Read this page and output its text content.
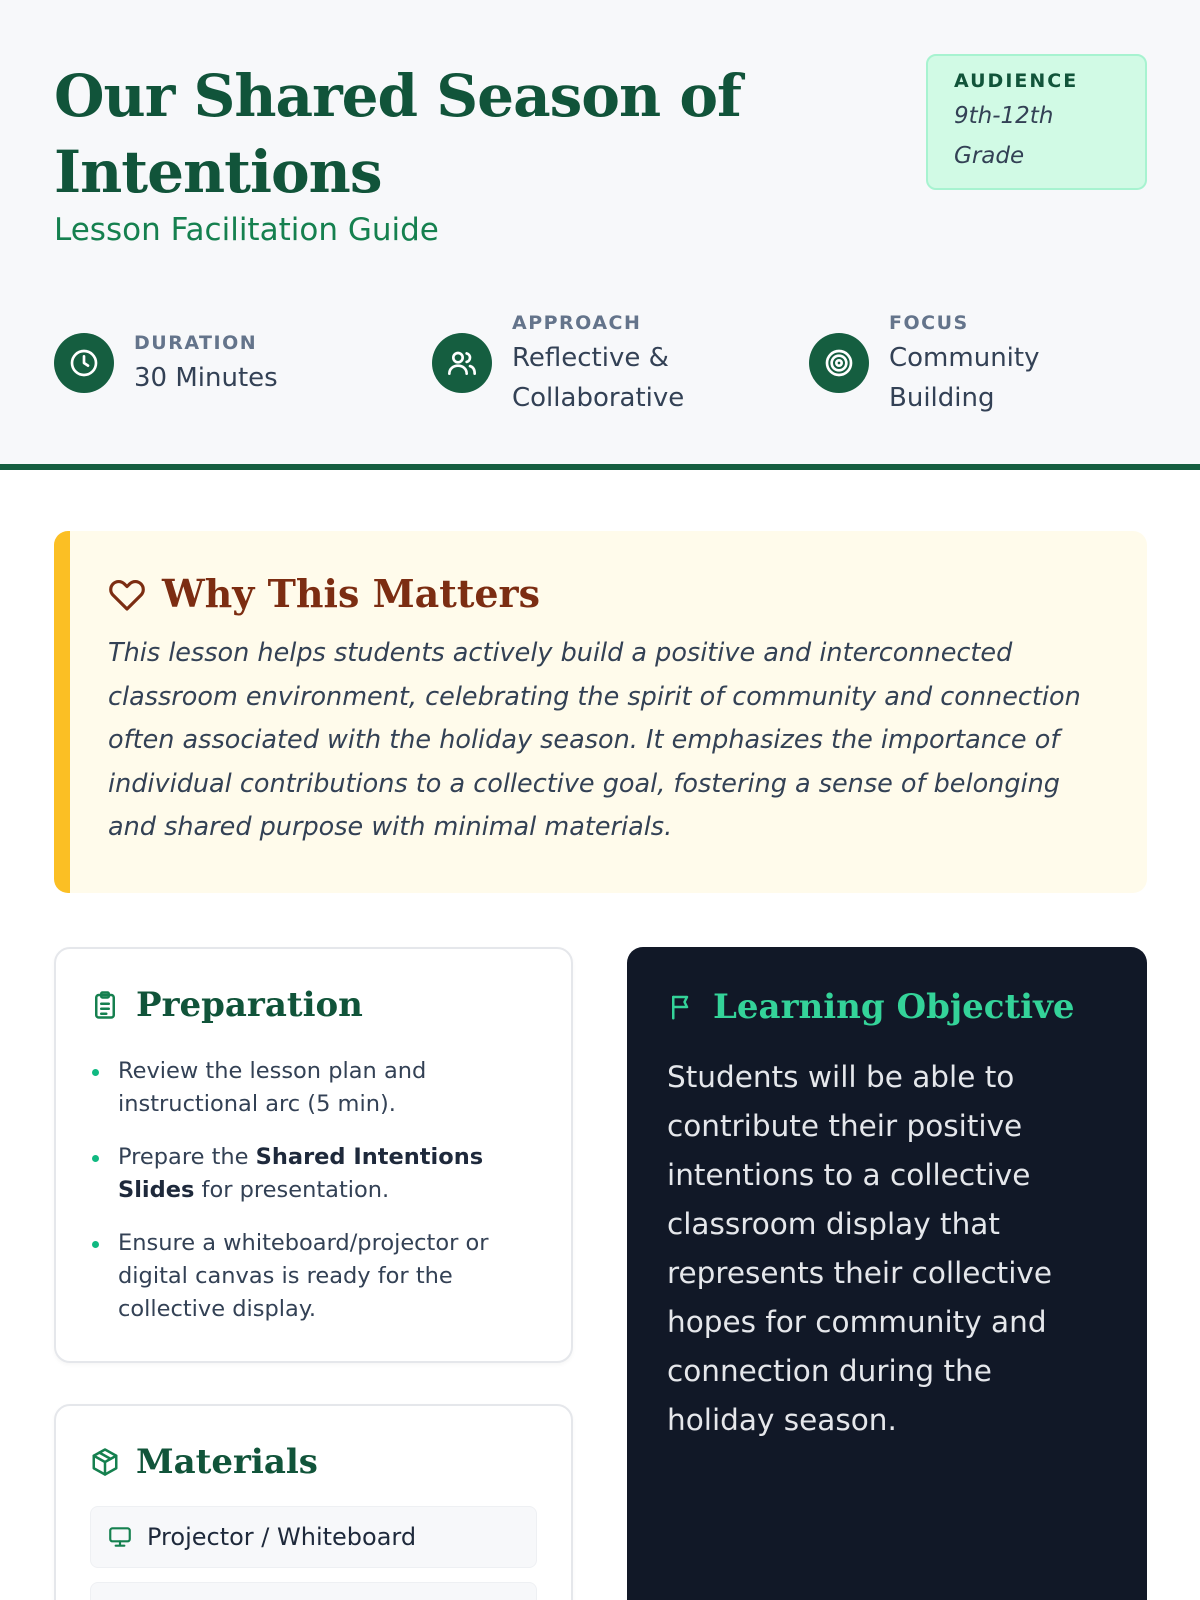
Our Shared Season of Intentions
Lesson Facilitation Guide
AUDIENCE
9th-12th Grade
DURATION
30 Minutes
APPROACH
Reflective & Collaborative
FOCUS
Community Building
Why This Matters

This lesson helps students actively build a positive and interconnected classroom environment, celebrating the spirit of community and connection often associated with the holiday season. It emphasizes the importance of individual contributions to a collective goal, fostering a sense of belonging and shared purpose with minimal materials.

Preparation
Review the lesson plan and instructional arc (5 min).
Prepare the Shared Intentions Slides for presentation.
Ensure a whiteboard/projector or digital canvas is ready for the collective display.
Materials
Projector / Whiteboard
Learning Objective

Students will be able to contribute their positive intentions to a collective classroom display that represents their collective hopes for community and connection during the holiday season.
